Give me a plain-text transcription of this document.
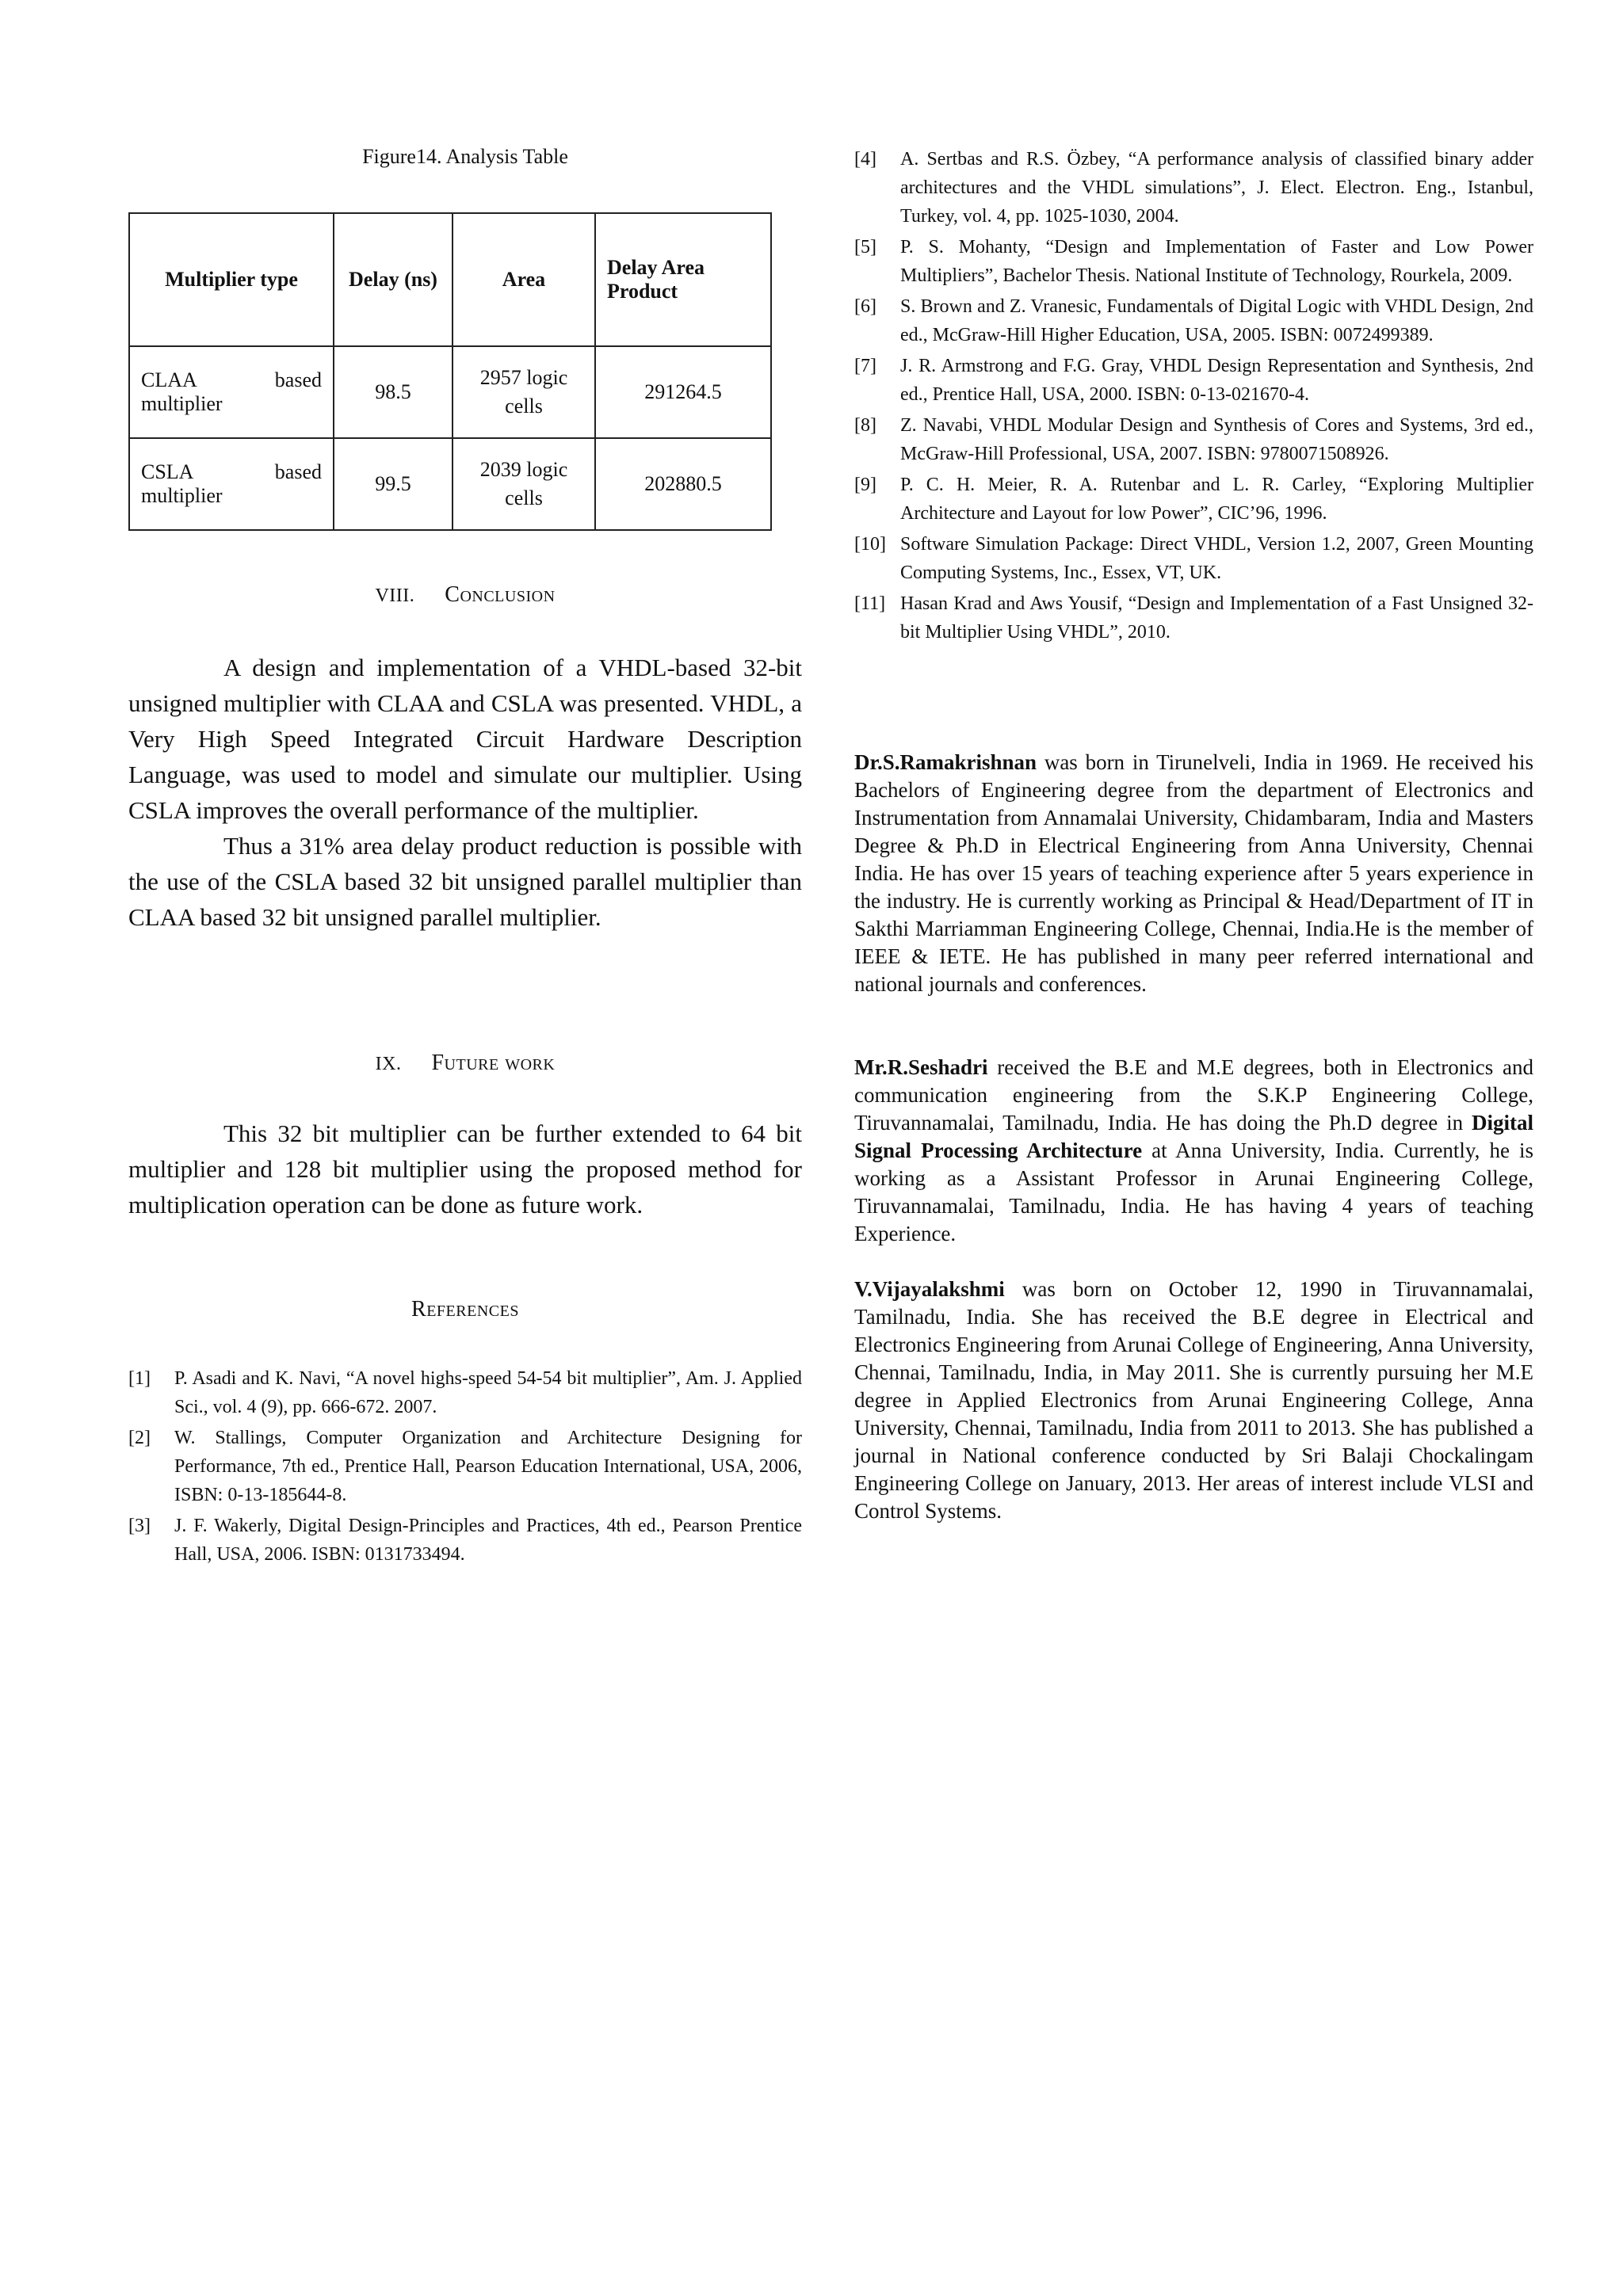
Figure14. Analysis Table
Multiplier type	Delay (ns)	Area	Delay Area Product
CLAA based multiplier	98.5	2957 logic cells	291264.5
CSLA based multiplier	99.5	2039 logic cells	202880.5
VIII. Conclusion

A design and implementation of a VHDL-based 32-bit unsigned multiplier with CLAA and CSLA was presented. VHDL, a Very High Speed Integrated Circuit Hardware Description Language, was used to model and simulate our multiplier. Using CSLA improves the overall performance of the multiplier.

Thus a 31% area delay product reduction is possible with the use of the CSLA based 32 bit unsigned parallel multiplier than CLAA based 32 bit unsigned parallel multiplier.

IX. Future work

This 32 bit multiplier can be further extended to 64 bit multiplier and 128 bit multiplier using the proposed method for multiplication operation can be done as future work.

References
[1]	P. Asadi and K. Navi, “A novel highs-speed 54-54 bit multiplier”, Am. J. Applied Sci., vol. 4 (9), pp. 666-672. 2007.
[2]	W. Stallings, Computer Organization and Architecture Designing for Performance, 7th ed., Prentice Hall, Pearson Education International, USA, 2006, ISBN: 0-13-185644-8.
[3]	J. F. Wakerly, Digital Design-Principles and Practices, 4th ed., Pearson Prentice Hall, USA, 2006. ISBN: 0131733494.
[4]	A. Sertbas and R.S. Özbey, “A performance analysis of classified binary adder architectures and the VHDL simulations”, J. Elect. Electron. Eng., Istanbul, Turkey, vol. 4, pp. 1025-1030, 2004.
[5]	P. S. Mohanty, “Design and Implementation of Faster and Low Power Multipliers”, Bachelor Thesis. National Institute of Technology, Rourkela, 2009.
[6]	S. Brown and Z. Vranesic, Fundamentals of Digital Logic with VHDL Design, 2nd ed., McGraw-Hill Higher Education, USA, 2005. ISBN: 0072499389.
[7]	J. R. Armstrong and F.G. Gray, VHDL Design Representation and Synthesis, 2nd ed., Prentice Hall, USA, 2000. ISBN: 0-13-021670-4.
[8]	Z. Navabi, VHDL Modular Design and Synthesis of Cores and Systems, 3rd ed., McGraw-Hill Professional, USA, 2007. ISBN: 9780071508926.
[9]	P. C. H. Meier, R. A. Rutenbar and L. R. Carley, “Exploring Multiplier Architecture and Layout for low Power”, CIC’96, 1996.
[10] Software Simulation Package: Direct VHDL, Version 1.2, 2007, Green Mounting Computing Systems, Inc., Essex, VT, UK.
[11] Hasan Krad and Aws Yousif, “Design and Implementation of a Fast Unsigned 32-bit Multiplier Using VHDL”, 2010.
Dr.S.Ramakrishnan was born in Tirunelveli, India in 1969. He received his Bachelors of Engineering degree from the department of Electronics and Instrumentation from Annamalai University, Chidambaram, India and Masters Degree & Ph.D in Electrical Engineering from Anna University, Chennai India. He has over 15 years of teaching experience after 5 years experience in the industry. He is currently working as Principal & Head/Department of IT in Sakthi Marriamman Engineering College, Chennai, India.He is the member of IEEE & IETE. He has published in many peer referred international and national journals and conferences.
Mr.R.Seshadri received the B.E and M.E degrees, both in Electronics and communication engineering from the S.K.P Engineering College, Tiruvannamalai, Tamilnadu, India. He has doing the Ph.D degree in Digital Signal Processing Architecture at Anna University, India. Currently, he is working as a Assistant Professor in Arunai Engineering College, Tiruvannamalai, Tamilnadu, India. He has having 4 years of teaching Experience.
V.Vijayalakshmi was born on October 12, 1990 in Tiruvannamalai, Tamilnadu, India. She has received the B.E degree in Electrical and Electronics Engineering from Arunai College of Engineering, Anna University, Chennai, Tamilnadu, India, in May 2011. She is currently pursuing her M.E degree in Applied Electronics from Arunai Engineering College, Anna University, Chennai, Tamilnadu, India from 2011 to 2013. She has published a journal in National conference conducted by Sri Balaji Chockalingam Engineering College on January, 2013. Her areas of interest include VLSI and Control Systems.
